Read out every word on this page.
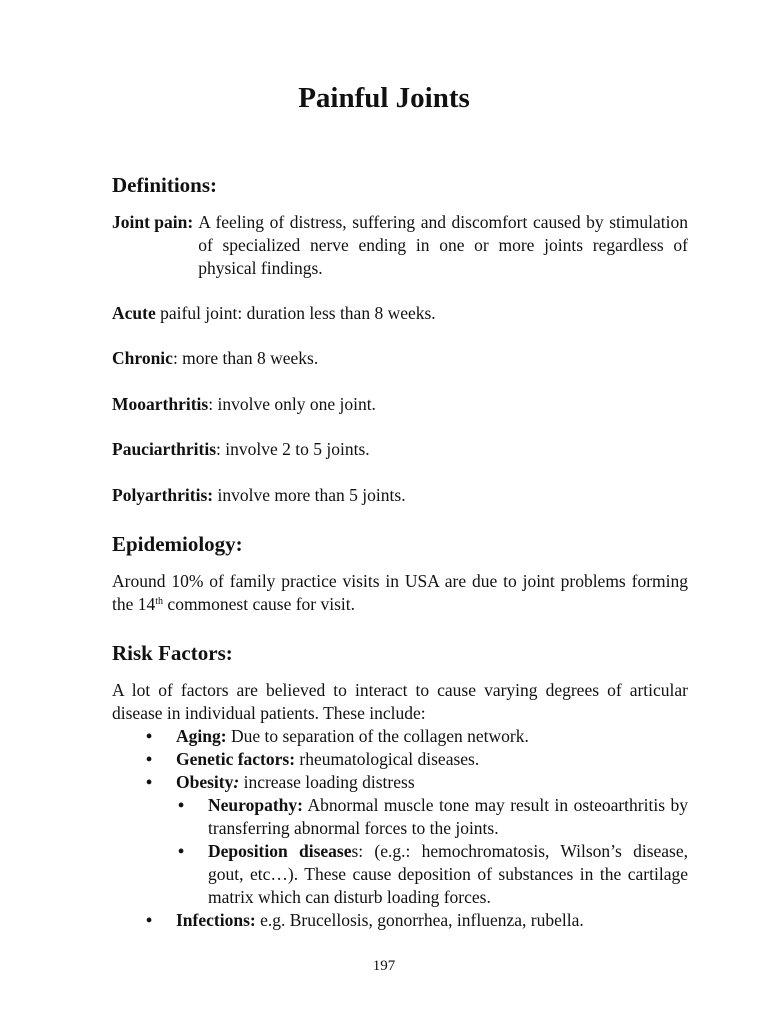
Painful Joints
Definitions:
Joint pain: A feeling of distress, suffering and discomfort caused by stimulation of specialized nerve ending in one or more joints regardless of physical findings.

Acute paiful joint: duration less than 8 weeks.

Chronic: more than 8 weeks.

Mooarthritis: involve only one joint.

Pauciarthritis: involve 2 to 5 joints.

Polyarthritis: involve more than 5 joints.

Epidemiology:

Around 10% of family practice visits in USA are due to joint problems forming the 14th commonest cause for visit.

Risk Factors:

A lot of factors are believed to interact to cause varying degrees of articular disease in individual patients. These include:

• Aging: Due to separation of the collagen network.
• Genetic factors: rheumatological diseases.
• Obesity: increase loading distress
• Neuropathy: Abnormal muscle tone may result in osteoarthritis by transferring abnormal forces to the joints.
• Deposition diseases: (e.g.: hemochromatosis, Wilson’s disease, gout, etc…). These cause deposition of substances in the cartilage matrix which can disturb loading forces.
• Infections: e.g. Brucellosis, gonorrhea, influenza, rubella.
197
